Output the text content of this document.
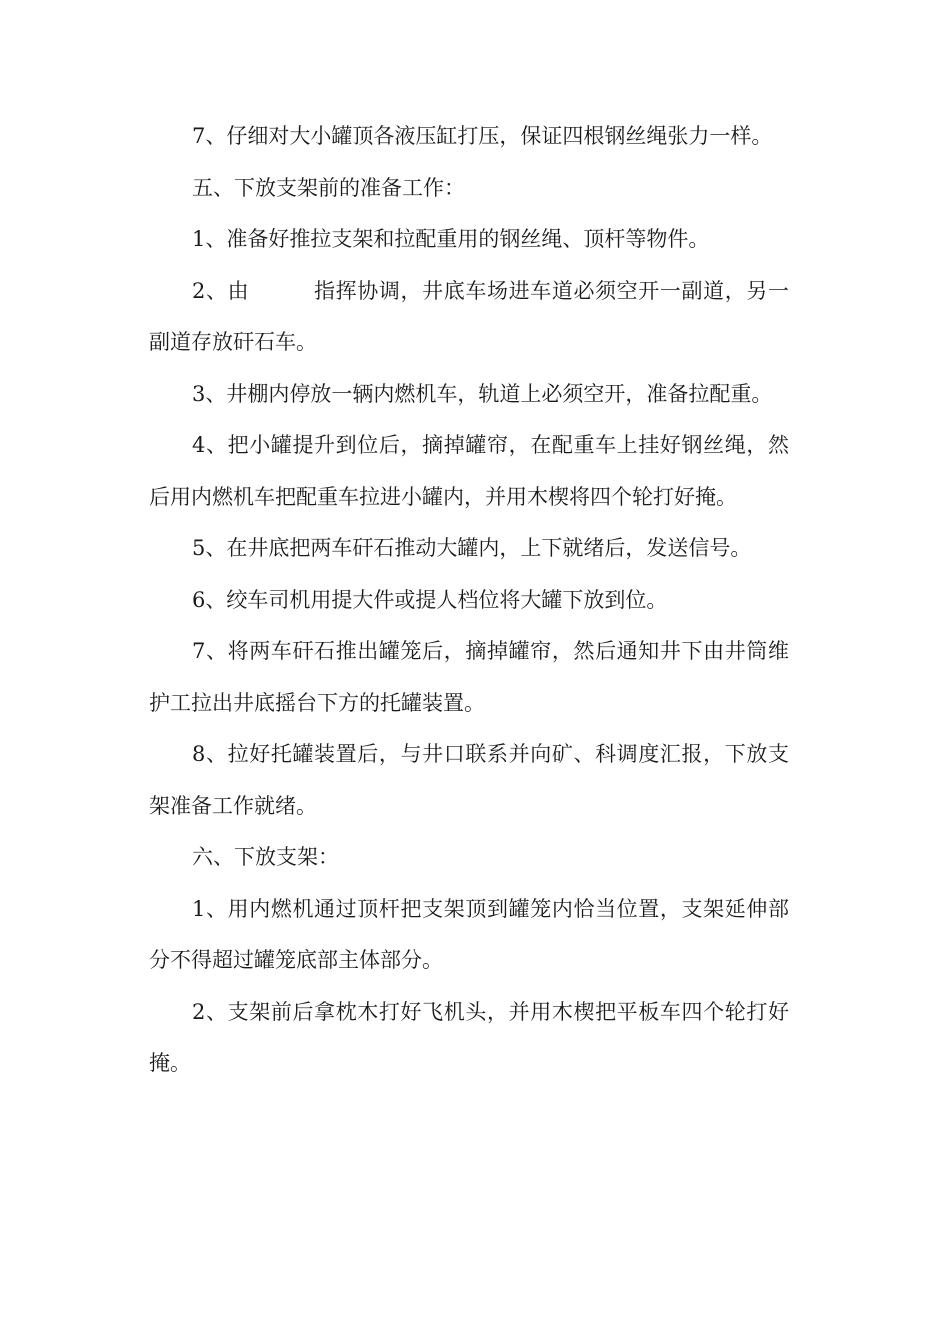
7、仔细对大小罐顶各液压缸打压，保证四根钢丝绳张力一样。

五、下放支架前的准备工作：

1、准备好推拉支架和拉配重用的钢丝绳、顶杆等物件。

2、由　　　指挥协调，井底车场进车道必须空开一副道，另一副道存放矸石车。

3、井棚内停放一辆内燃机车，轨道上必须空开，准备拉配重。

4、把小罐提升到位后，摘掉罐帘，在配重车上挂好钢丝绳，然后用内燃机车把配重车拉进小罐内，并用木楔将四个轮打好掩。

5、在井底把两车矸石推动大罐内，上下就绪后，发送信号。

6、绞车司机用提大件或提人档位将大罐下放到位。

7、将两车矸石推出罐笼后，摘掉罐帘，然后通知井下由井筒维护工拉出井底摇台下方的托罐装置。

8、拉好托罐装置后，与井口联系并向矿、科调度汇报，下放支架准备工作就绪。

六、下放支架：

1、用内燃机通过顶杆把支架顶到罐笼内恰当位置，支架延伸部分不得超过罐笼底部主体部分。

2、支架前后拿枕木打好飞机头，并用木楔把平板车四个轮打好掩。
